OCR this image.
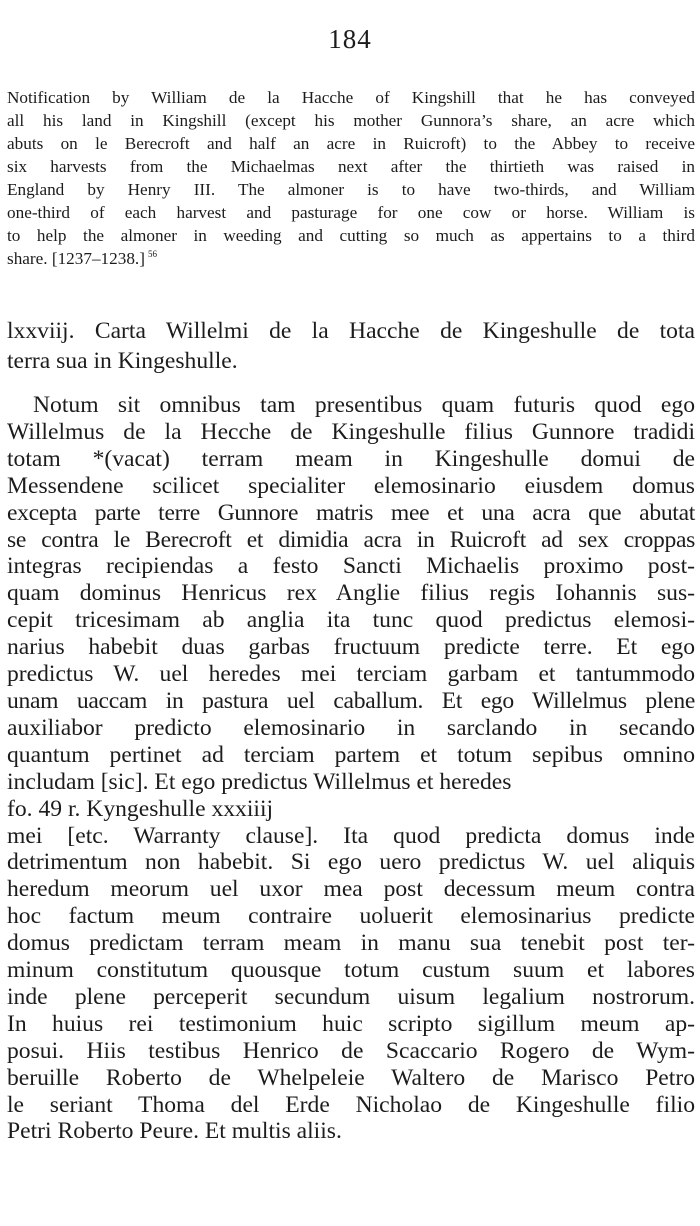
184
Notification by William de la Hacche of Kingshill that he has conveyed
all his land in Kingshill (except his mother Gunnora’s share, an acre which
abuts on le Berecroft and half an acre in Ruicroft) to the Abbey to receive
six harvests from the Michaelmas next after the thirtieth was raised in
England by Henry III. The almoner is to have two-thirds, and William
one-third of each harvest and pasturage for one cow or horse. William is
to help the almoner in weeding and cutting so much as appertains to a third
share. [1237–1238.] $^{56}$
lxxviij. Carta Willelmi de la Hacche de Kingeshulle de tota
terra sua in Kingeshulle.
Notum sit omnibus tam presentibus quam futuris quod ego
Willelmus de la Hecche de Kingeshulle filius Gunnore tradidi
totam *(vacat) terram meam in Kingeshulle domui de
Messendene scilicet specialiter elemosinario eiusdem domus
excepta parte terre Gunnore matris mee et una acra que abutat
se contra le Berecroft et dimidia acra in Ruicroft ad sex croppas
integras recipiendas a festo Sancti Michaelis proximo post-
quam dominus Henricus rex Anglie filius regis Iohannis sus-
cepit tricesimam ab anglia ita tunc quod predictus elemosi-
narius habebit duas garbas fructuum predicte terre. Et ego
predictus W. uel heredes mei terciam garbam et tantummodo
unam uaccam in pastura uel caballum. Et ego Willelmus plene
auxiliabor predicto elemosinario in sarclando in secando
quantum pertinet ad terciam partem et totum sepibus omnino
includam [sic]. Et ego predictus Willelmus et heredes
fo. 49 r. Kyngeshulle xxxiiij
mei [etc. Warranty clause]. Ita quod predicta domus inde
detrimentum non habebit. Si ego uero predictus W. uel aliquis
heredum meorum uel uxor mea post decessum meum contra
hoc factum meum contraire uoluerit elemosinarius predicte
domus predictam terram meam in manu sua tenebit post ter-
minum constitutum quousque totum custum suum et labores
inde plene perceperit secundum uisum legalium nostrorum.
In huius rei testimonium huic scripto sigillum meum ap-
posui. Hiis testibus Henrico de Scaccario Rogero de Wym-
beruille Roberto de Whelpeleie Waltero de Marisco Petro
le seriant Thoma del Erde Nicholao de Kingeshulle filio
Petri Roberto Peure. Et multis aliis.
